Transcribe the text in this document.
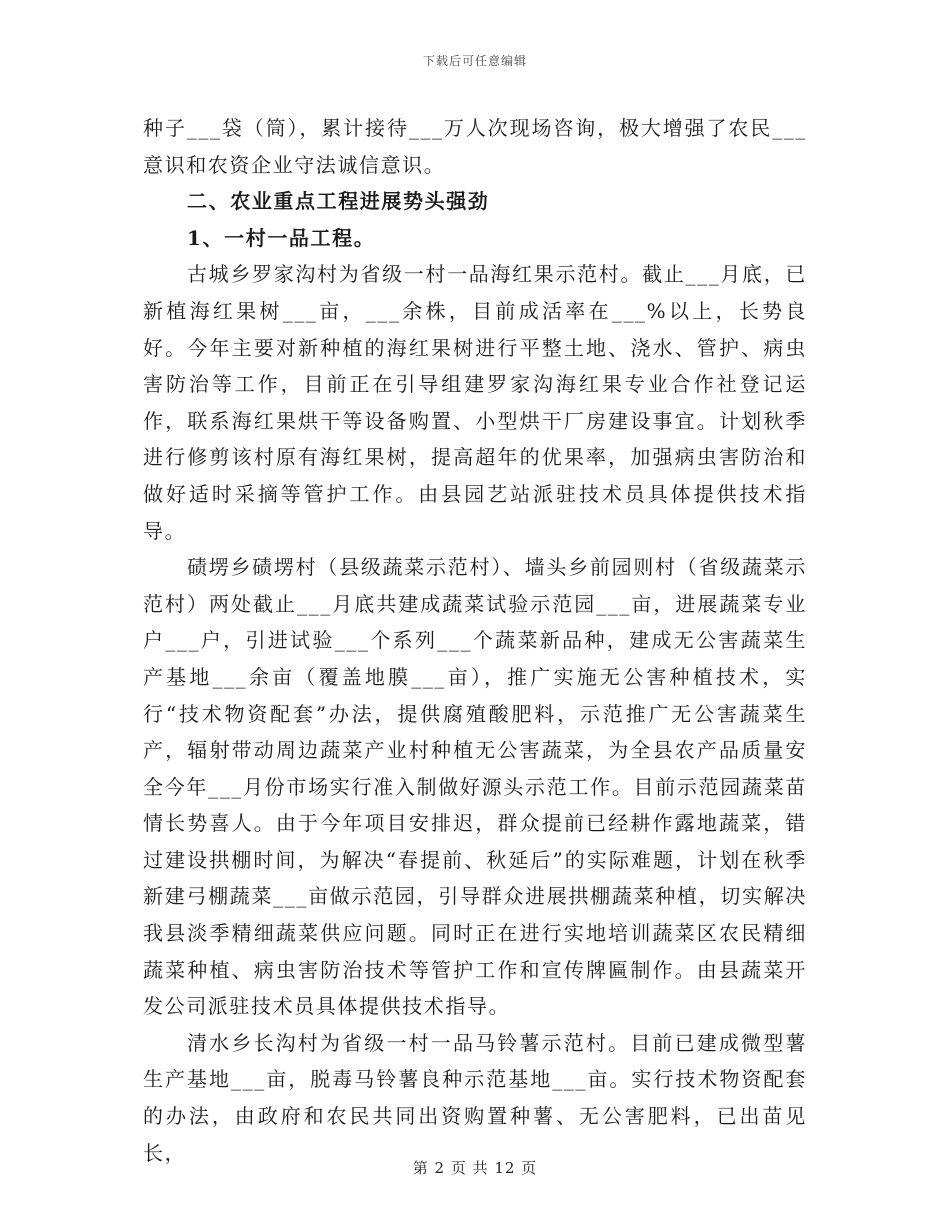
下载后可任意编辑

种子___袋（筒），累计接待___万人次现场咨询，极大增强了农民___意识和农资企业守法诚信意识。

二、农业重点工程进展势头强劲

1、一村一品工程。

古城乡罗家沟村为省级一村一品海红果示范村。截止___月底，已新植海红果树___亩，___余株，目前成活率在___%以上，长势良好。今年主要对新种植的海红果树进行平整土地、浇水、管护、病虫害防治等工作，目前正在引导组建罗家沟海红果专业合作社登记运作，联系海红果烘干等设备购置、小型烘干厂房建设事宜。计划秋季进行修剪该村原有海红果树，提高超年的优果率，加强病虫害防治和做好适时采摘等管护工作。由县园艺站派驻技术员具体提供技术指导。

碛塄乡碛塄村（县级蔬菜示范村）、墙头乡前园则村（省级蔬菜示范村）两处截止___月底共建成蔬菜试验示范园___亩，进展蔬菜专业户___户，引进试验___个系列___个蔬菜新品种，建成无公害蔬菜生产基地___余亩（覆盖地膜___亩），推广实施无公害种植技术，实行“技术物资配套”办法，提供腐殖酸肥料，示范推广无公害蔬菜生产，辐射带动周边蔬菜产业村种植无公害蔬菜，为全县农产品质量安全今年___月份市场实行准入制做好源头示范工作。目前示范园蔬菜苗情长势喜人。由于今年项目安排迟，群众提前已经耕作露地蔬菜，错过建设拱棚时间，为解决“春提前、秋延后”的实际难题，计划在秋季新建弓棚蔬菜___亩做示范园，引导群众进展拱棚蔬菜种植，切实解决我县淡季精细蔬菜供应问题。同时正在进行实地培训蔬菜区农民精细蔬菜种植、病虫害防治技术等管护工作和宣传牌匾制作。由县蔬菜开发公司派驻技术员具体提供技术指导。

清水乡长沟村为省级一村一品马铃薯示范村。目前已建成微型薯生产基地___亩，脱毒马铃薯良种示范基地___亩。实行技术物资配套的办法，由政府和农民共同出资购置种薯、无公害肥料，已出苗见长，

第 2 页 共 12 页
